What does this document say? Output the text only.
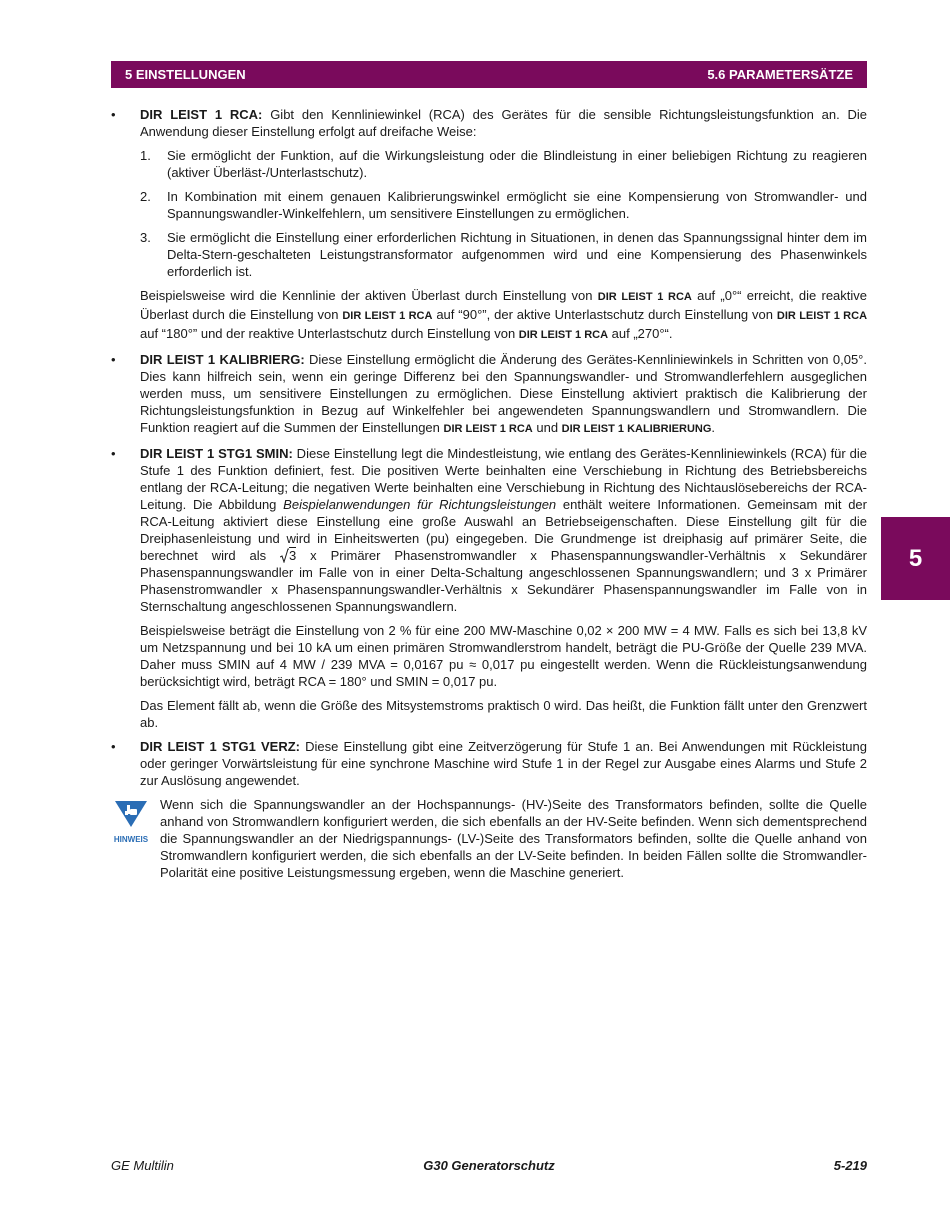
5 EINSTELLUNGEN	5.6 PARAMETERSÄTZE
5
• DIR LEIST 1 RCA: Gibt den Kennliniewinkel (RCA) des Gerätes für die sensible Richtungsleistungsfunktion an. Die Anwendung dieser Einstellung erfolgt auf dreifache Weise:
1. Sie ermöglicht der Funktion, auf die Wirkungsleistung oder die Blindleistung in einer beliebigen Richtung zu reagieren (aktiver Überläst-/Unterlastschutz).
2. In Kombination mit einem genauen Kalibrierungswinkel ermöglicht sie eine Kompensierung von Stromwandler- und Spannungswandler-Winkelfehlern, um sensitivere Einstellungen zu ermöglichen.
3. Sie ermöglicht die Einstellung einer erforderlichen Richtung in Situationen, in denen das Spannungssignal hinter dem im Delta-Stern-geschalteten Leistungstransformator aufgenommen wird und eine Kompensierung des Phasenwinkels erforderlich ist.
Beispielsweise wird die Kennlinie der aktiven Überlast durch Einstellung von DIR LEIST 1 RCA auf „0°“ erreicht, die reaktive Überlast durch die Einstellung von DIR LEIST 1 RCA auf “90°”, der aktive Unterlastschutz durch Einstellung von DIR LEIST 1 RCA auf “180°” und der reaktive Unterlastschutz durch Einstellung von DIR LEIST 1 RCA auf „270°“.
• DIR LEIST 1 KALIBRIERG: Diese Einstellung ermöglicht die Änderung des Gerätes-Kennliniewinkels in Schritten von 0,05°. Dies kann hilfreich sein, wenn ein geringe Differenz bei den Spannungswandler- und Stromwandlerfehlern ausgeglichen werden muss, um sensitivere Einstellungen zu ermöglichen. Diese Einstellung aktiviert praktisch die Kalibrierung der Richtungsleistungsfunktion in Bezug auf Winkelfehler bei angewendeten Spannungswandlern und Stromwandlern. Die Funktion reagiert auf die Summen der Einstellungen DIR LEIST 1 RCA und DIR LEIST 1 KALIBRIERUNG.
• DIR LEIST 1 STG1 SMIN: Diese Einstellung legt die Mindestleistung, wie entlang des Gerätes-Kennliniewinkels (RCA) für die Stufe 1 des Funktion definiert, fest. Die positiven Werte beinhalten eine Verschiebung in Richtung des Betriebsbereichs entlang der RCA-Leitung; die negativen Werte beinhalten eine Verschiebung in Richtung des Nichtauslösebereichs der RCA-Leitung. Die Abbildung Beispielanwendungen für Richtungsleistungen enthält weitere Informationen. Gemeinsam mit der RCA-Leitung aktiviert diese Einstellung eine große Auswahl an Betriebseigenschaften. Diese Einstellung gilt für die Dreiphasenleistung und wird in Einheitswerten (pu) eingegeben. Die Grundmenge ist dreiphasig auf primärer Seite, die berechnet wird als 3 x Primärer Phasenstromwandler x Phasenspannungswandler-Verhältnis x Sekundärer Phasenspannungswandler im Falle von in einer Delta-Schaltung angeschlossenen Spannungswandlern; und 3 x Primärer Phasenstromwandler x Phasenspannungswandler-Verhältnis x Sekundärer Phasenspannungswandler im Falle von in Sternschaltung angeschlossenen Spannungswandlern.
Beispielsweise beträgt die Einstellung von 2 % für eine 200 MW-Maschine 0,02 × 200 MW = 4 MW. Falls es sich bei 13,8 kV um Netzspannung und bei 10 kA um einen primären Stromwandlerstrom handelt, beträgt die PU-Größe der Quelle 239 MVA. Daher muss SMIN auf 4 MW / 239 MVA = 0,0167 pu ≈ 0,017 pu eingestellt werden. Wenn die Rückleistungsanwendung berücksichtigt wird, beträgt RCA = 180° und SMIN = 0,017 pu.
Das Element fällt ab, wenn die Größe des Mitsystemstroms praktisch 0 wird. Das heißt, die Funktion fällt unter den Grenzwert ab.
• DIR LEIST 1 STG1 VERZ: Diese Einstellung gibt eine Zeitverzögerung für Stufe 1 an. Bei Anwendungen mit Rückleistung oder geringer Vorwärtsleistung für eine synchrone Maschine wird Stufe 1 in der Regel zur Ausgabe eines Alarms und Stufe 2 zur Auslösung angewendet.
HINWEIS
Wenn sich die Spannungswandler an der Hochspannungs- (HV-)Seite des Transformators befinden, sollte die Quelle anhand von Stromwandlern konfiguriert werden, die sich ebenfalls an der HV-Seite befinden. Wenn sich dementsprechend die Spannungswandler an der Niedrigspannungs- (LV-)Seite des Transformators befinden, sollte die Quelle anhand von Stromwandlern konfiguriert werden, die sich ebenfalls an der LV-Seite befinden. In beiden Fällen sollte die Stromwandler-Polarität eine positive Leistungsmessung ergeben, wenn die Maschine generiert.
GE Multilin	G30 Generatorschutz	5-219
